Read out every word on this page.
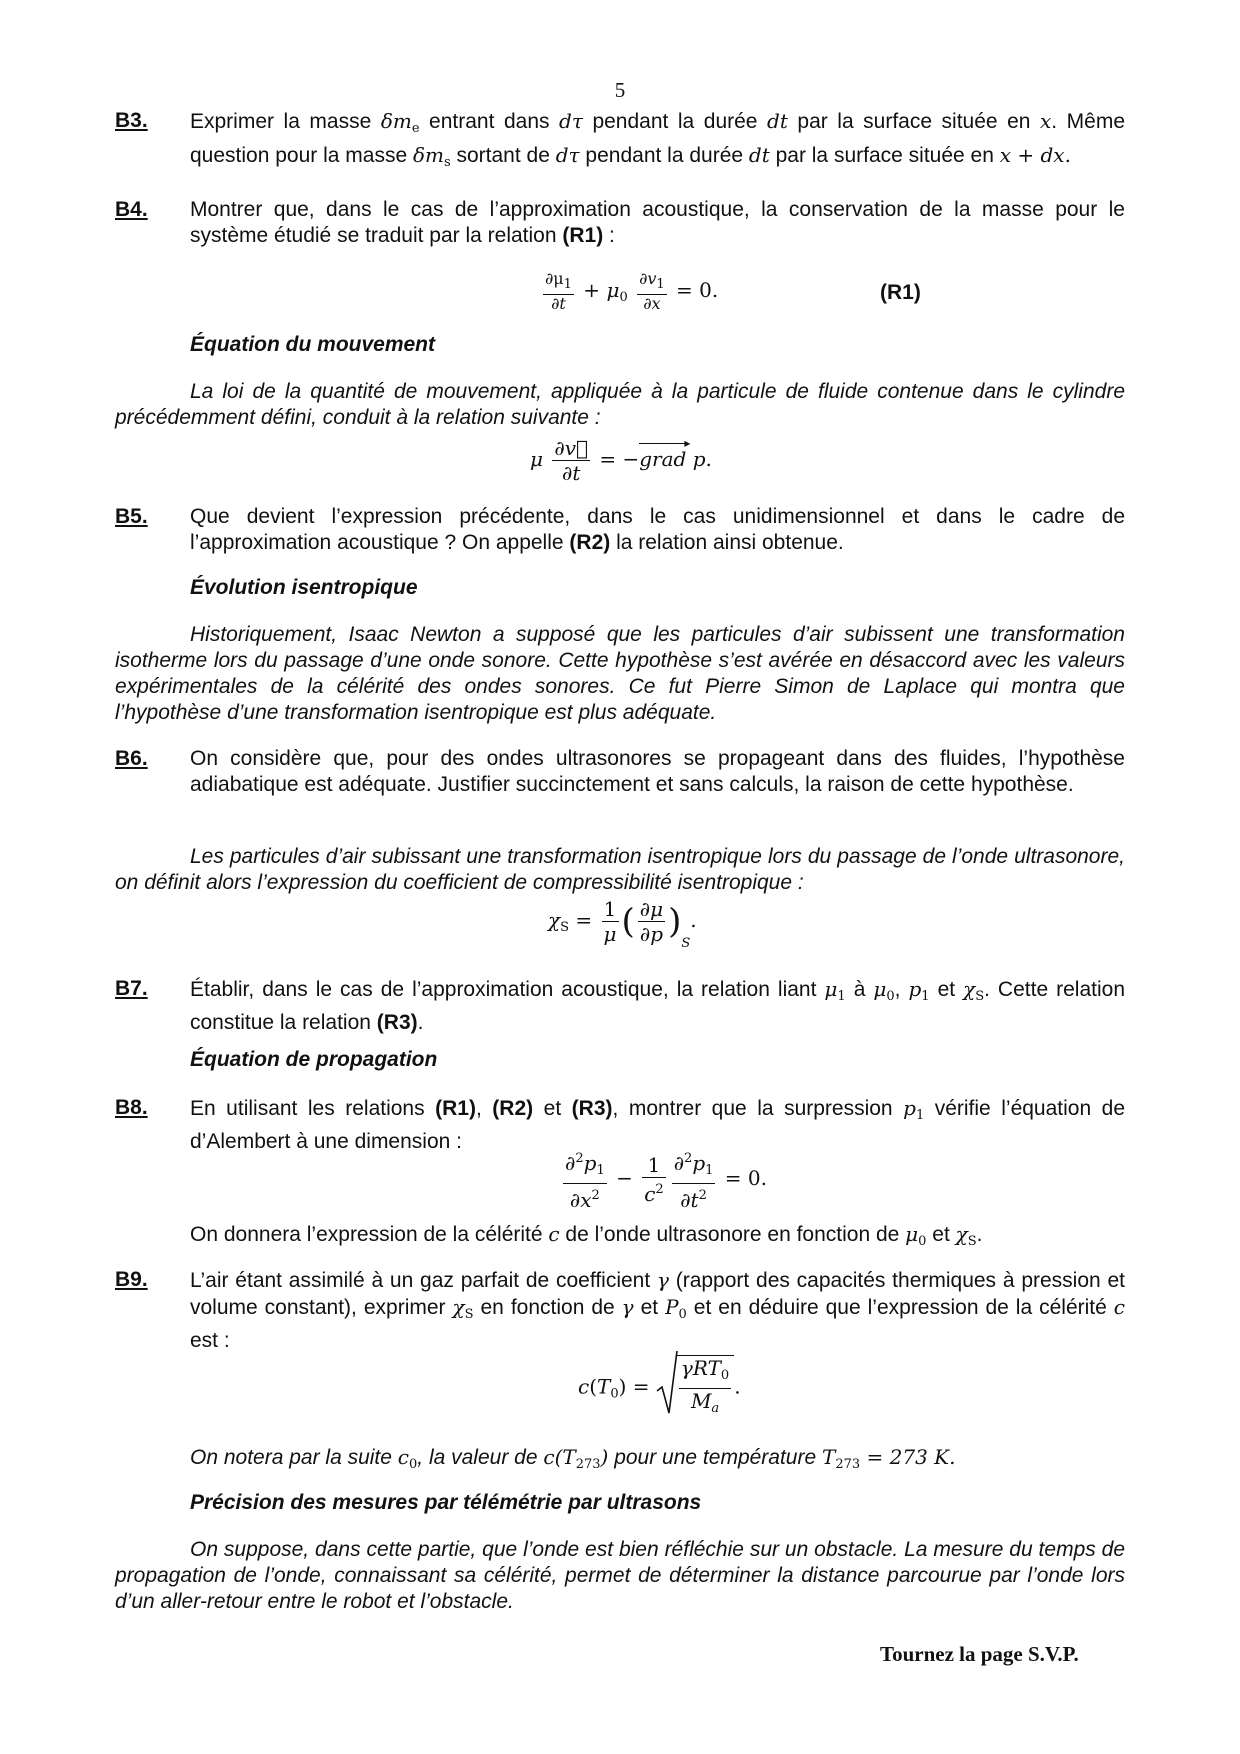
5
B3. Exprimer la masse $\delta m_e$ entrant dans dτ pendant la durée dt par la surface située en x. Même question pour la masse $\delta m_s$ sortant de dτ pendant la durée dt par la surface située en x + dx.
B4. Montrer que, dans le cas de l’approximation acoustique, la conservation de la masse pour le système étudié se traduit par la relation (R1) :
$\frac{\partial\mu_1}{\partial t} + \mu_0 \frac{\partial v_1}{\partial x} = 0$.	(R1)
Équation du mouvement
La loi de la quantité de mouvement, appliquée à la particule de fluide contenue dans le cylindre précédemment défini, conduit à la relation suivante :
μ $\frac{\partial v⃗}{\partial t}$ = −grad
▸
p.
B5. Que devient l’expression précédente, dans le cas unidimensionnel et dans le cadre de l’approximation acoustique ? On appelle (R2) la relation ainsi obtenue.
Évolution isentropique
Historiquement, Isaac Newton a supposé que les particules d’air subissent une transformation isotherme lors du passage d’une onde sonore. Cette hypothèse s’est avérée en désaccord avec les valeurs expérimentales de la célérité des ondes sonores. Ce fut Pierre Simon de Laplace qui montra que l’hypothèse d’une transformation isentropique est plus adéquate.
B6. On considère que, pour des ondes ultrasonores se propageant dans des fluides, l’hypothèse adiabatique est adéquate. Justifier succinctement et sans calculs, la raison de cette hypothèse.
Les particules d’air subissant une transformation isentropique lors du passage de l’onde ultrasonore, on définit alors l’expression du coefficient de compressibilité isentropique :
$\chi_S = \frac{1}{\mu}$ ( $\frac{\partial\mu}{\partial p} )_S$.
B7. Établir, dans le cas de l’approximation acoustique, la relation liant $\mu_1$ à $\mu_0$, $p_1$ et $\chi_S$. Cette relation constitue la relation (R3).
Équation de propagation
B8. En utilisant les relations (R1), (R2) et (R3), montrer que la surpression $p_1$ vérifie l’équation de d’Alembert à une dimension :
$\frac{\partial^2p_1}{\partial x^2} - \frac{1}{c^2} \frac{\partial^2p_1}{\partial t^2} = 0$.
On donnera l’expression de la célérité c de l’onde ultrasonore en fonction de $\mu_0$ et $\chi_S$.
B9. L’air étant assimilé à un gaz parfait de coefficient γ (rapport des capacités thermiques à pression et volume constant), exprimer $\chi_S$ en fonction de γ et $P_0$ et en déduire que l’expression de la célérité c est :
$c(T_0) = \frac{\gamma RT_0}{M_a}$ .
On notera par la suite $c_0$, la valeur de $c(T_{273})$ pour une température $T_{273} = 273$ K.
Précision des mesures par télémétrie par ultrasons
On suppose, dans cette partie, que l’onde est bien réfléchie sur un obstacle. La mesure du temps de propagation de l’onde, connaissant sa célérité, permet de déterminer la distance parcourue par l’onde lors d’un aller-retour entre le robot et l’obstacle.
Tournez la page S.V.P.
